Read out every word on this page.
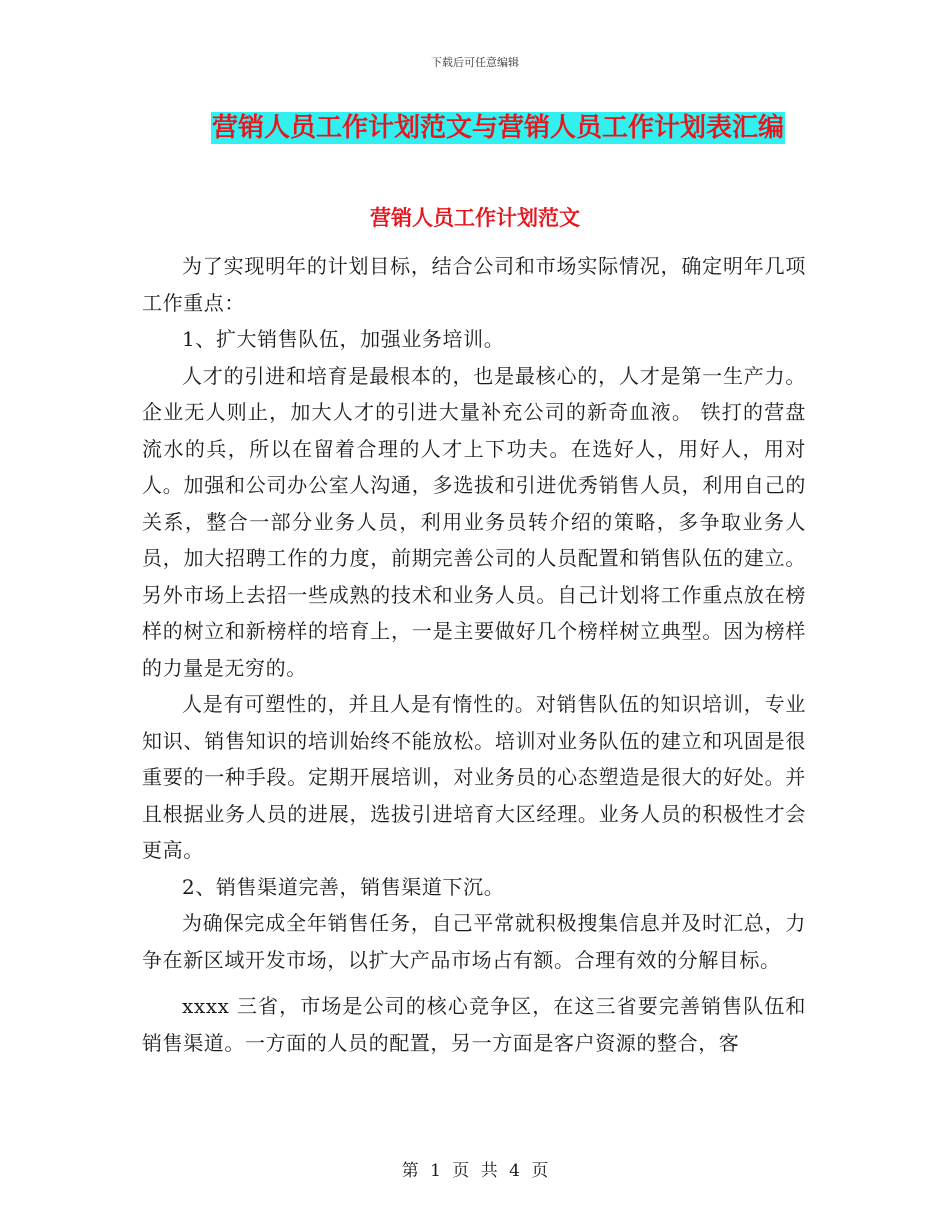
下载后可任意编辑
营销人员工作计划范文与营销人员工作计划表汇编
营销人员工作计划范文

为了实现明年的计划目标，结合公司和市场实际情况，确定明年几项工作重点：

1、扩大销售队伍，加强业务培训。

人才的引进和培育是最根本的，也是最核心的，人才是第一生产力。企业无人则止，加大人才的引进大量补充公司的新奇血液。 铁打的营盘流水的兵，所以在留着合理的人才上下功夫。在选好人，用好人，用对人。加强和公司办公室人沟通，多选拔和引进优秀销售人员，利用自己的关系，整合一部分业务人员，利用业务员转介绍的策略，多争取业务人员，加大招聘工作的力度，前期完善公司的人员配置和销售队伍的建立。另外市场上去招一些成熟的技术和业务人员。自己计划将工作重点放在榜样的树立和新榜样的培育上，一是主要做好几个榜样树立典型。因为榜样的力量是无穷的。

人是有可塑性的，并且人是有惰性的。对销售队伍的知识培训，专业知识、销售知识的培训始终不能放松。培训对业务队伍的建立和巩固是很重要的一种手段。定期开展培训，对业务员的心态塑造是很大的好处。并且根据业务人员的进展，选拔引进培育大区经理。业务人员的积极性才会更高。

2、销售渠道完善，销售渠道下沉。

为确保完成全年销售任务，自己平常就积极搜集信息并及时汇总，力争在新区域开发市场，以扩大产品市场占有额。合理有效的分解目标。

xxxx 三省，市场是公司的核心竞争区，在这三省要完善销售队伍和销售渠道。一方面的人员的配置，另一方面是客户资源的整合，客

第 1 页 共 4 页
